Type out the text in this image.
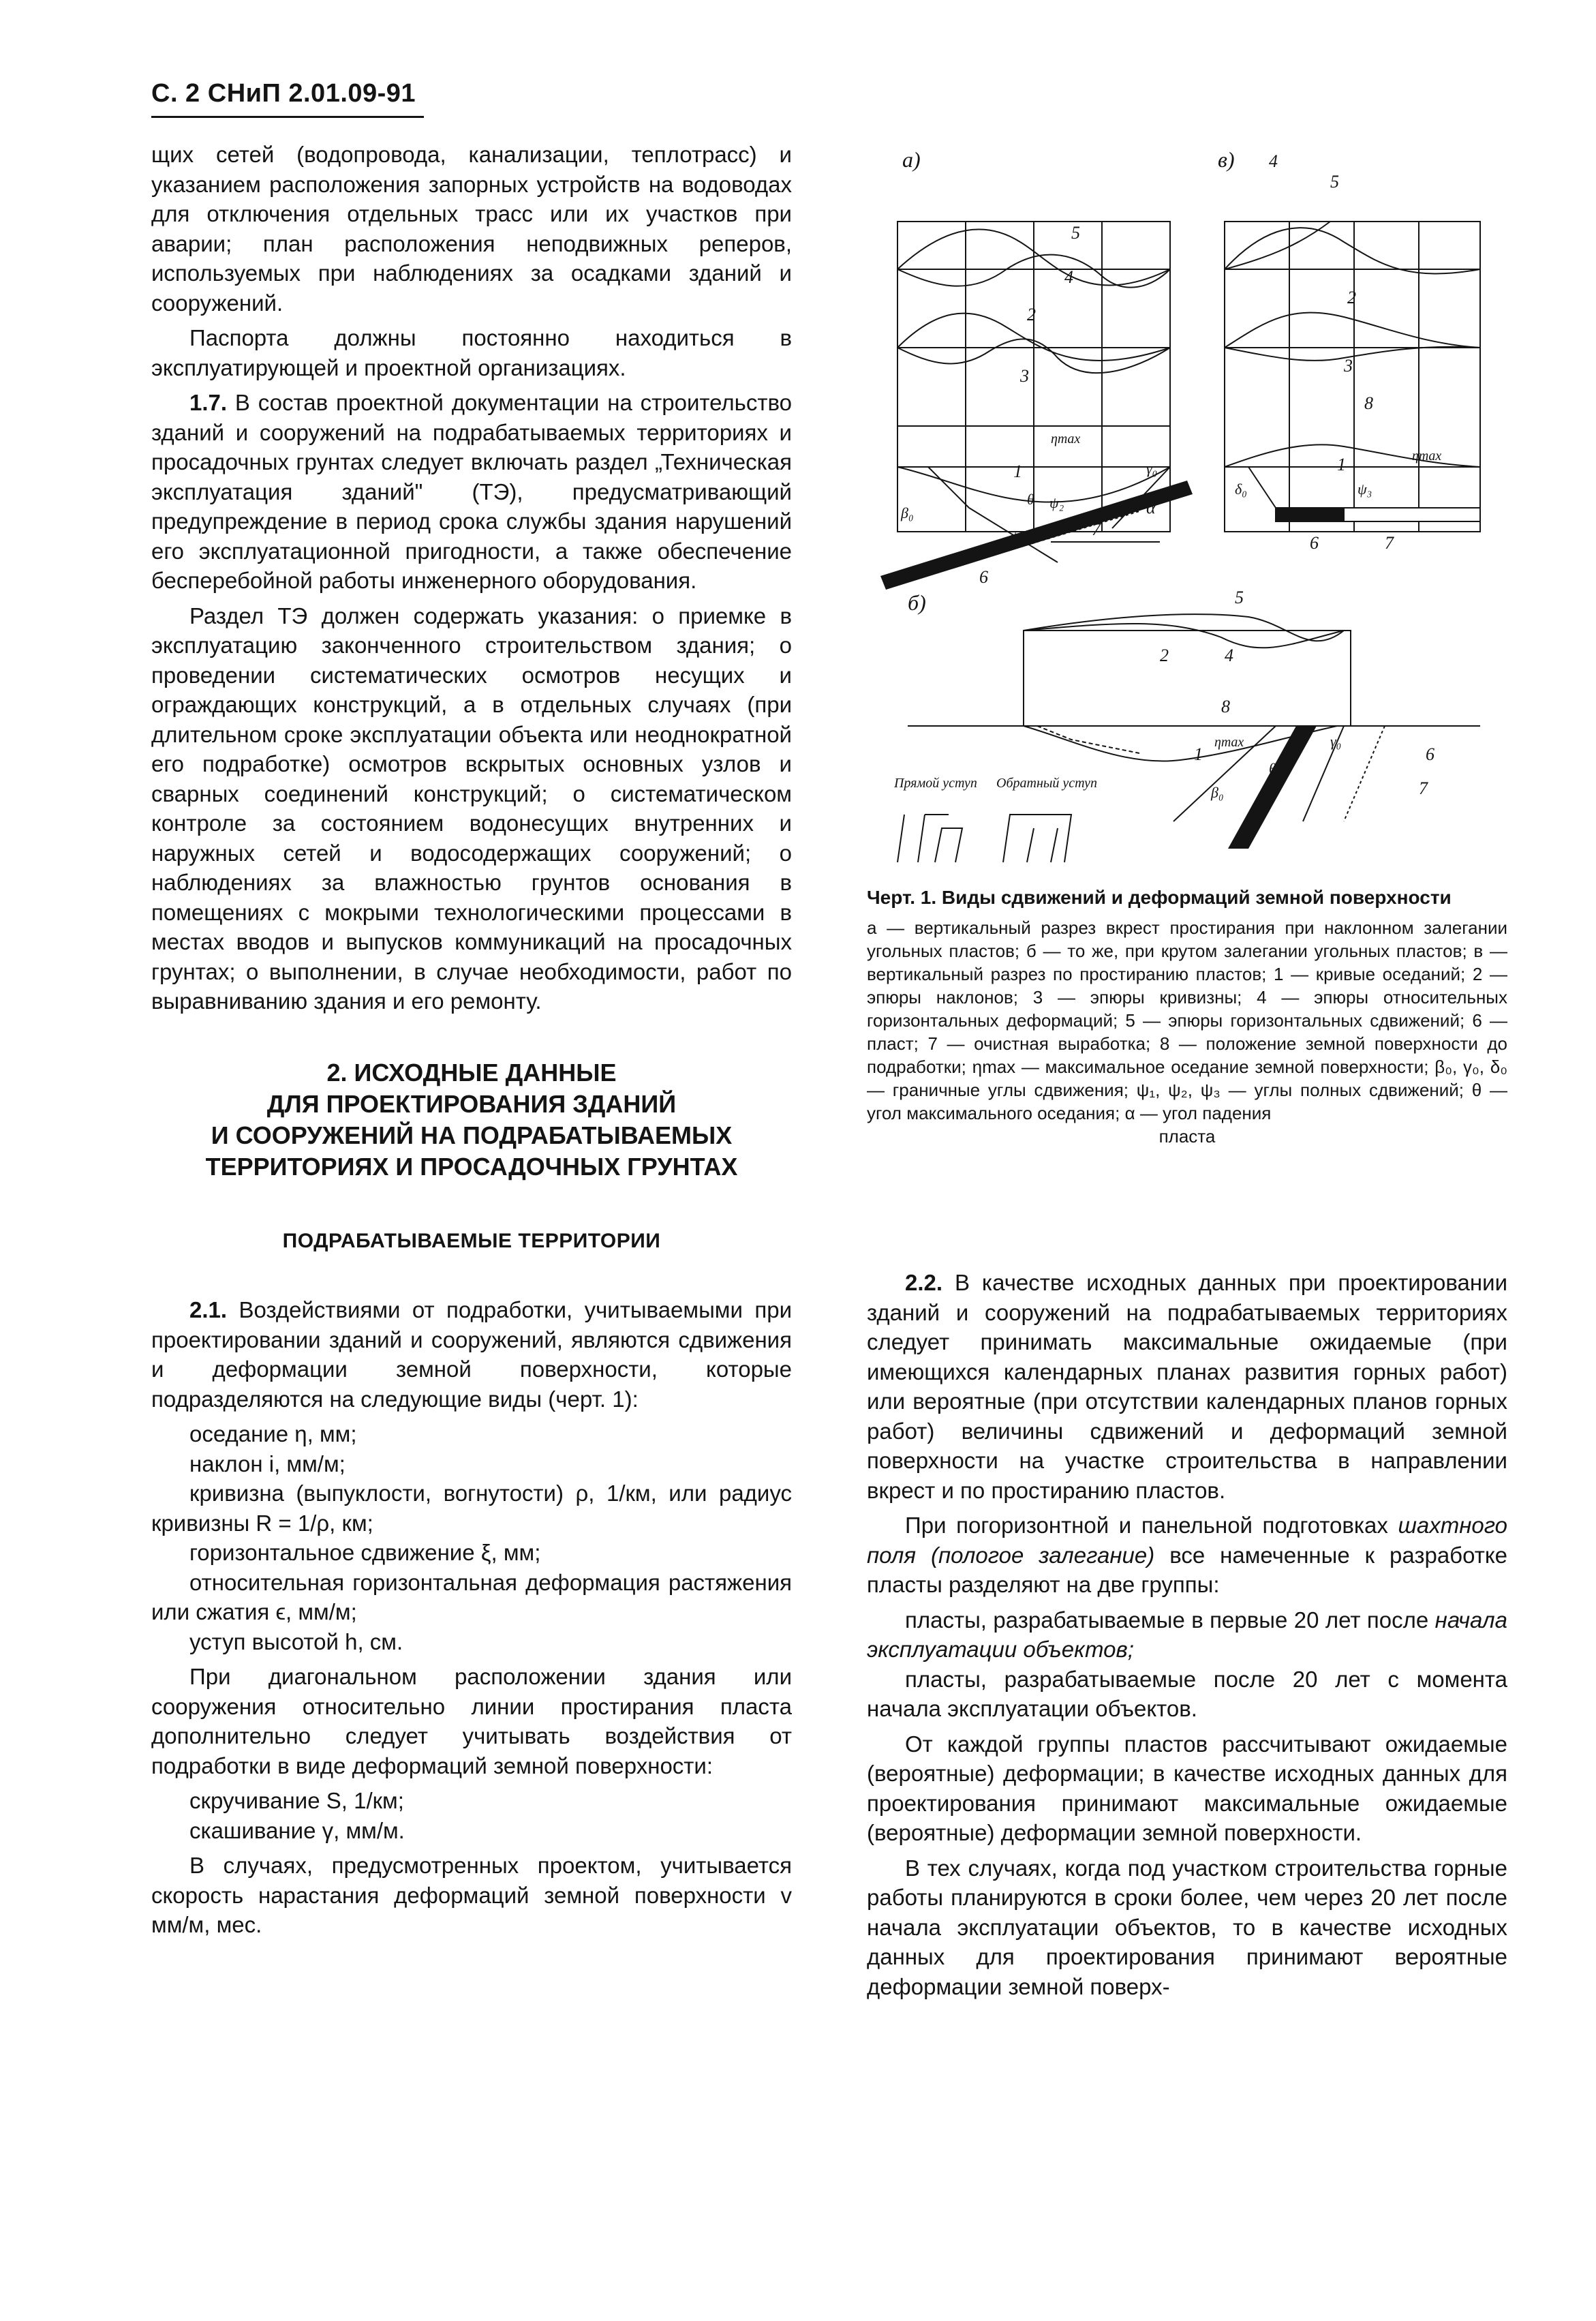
С. 2 СНиП 2.01.09-91

щих сетей (водопровода, канализации, теплотрасс) и указанием расположения запорных устройств на водоводах для отключения отдельных трасс или их участков при аварии; план расположения неподвижных реперов, используемых при наблюдениях за осадками зданий и сооружений.

Паспорта должны постоянно находиться в эксплуатирующей и проектной организациях.

1.7. В состав проектной документации на строительство зданий и сооружений на подрабатываемых территориях и просадочных грунтах следует включать раздел „Техническая эксплуатация зданий" (ТЭ), предусматривающий предупреждение в период срока службы здания нарушений его эксплуатационной пригодности, а также обеспечение бесперебойной работы инженерного оборудования.

Раздел ТЭ должен содержать указания: о приемке в эксплуатацию законченного строительством здания; о проведении систематических осмотров несущих и ограждающих конструкций, а в отдельных случаях (при длительном сроке эксплуатации объекта или неоднократной его подработке) осмотров вскрытых основных узлов и сварных соединений конструкций; о систематическом контроле за состоянием водонесущих внутренних и наружных сетей и водосодержащих сооружений; о наблюдениях за влажностью грунтов основания в помещениях с мокрыми технологическими процессами в местах вводов и выпусков коммуникаций на просадочных грунтах; о выполнении, в случае необходимости, работ по выравниванию здания и его ремонту.

2. ИСХОДНЫЕ ДАННЫЕ
ДЛЯ ПРОЕКТИРОВАНИЯ ЗДАНИЙ
И СООРУЖЕНИЙ НА ПОДРАБАТЫВАЕМЫХ
ТЕРРИТОРИЯХ И ПРОСАДОЧНЫХ ГРУНТАХ

ПОДРАБАТЫВАЕМЫЕ ТЕРРИТОРИИ

2.1. Воздействиями от подработки, учитываемыми при проектировании зданий и сооружений, являются сдвижения и деформации земной поверхности, которые подразделяются на следующие виды (черт. 1):

оседание η, мм;

наклон i, мм/м;

кривизна (выпуклости, вогнутости) ρ, 1/км, или радиус кривизны R = 1/ρ, км;

горизонтальное сдвижение ξ, мм;

относительная горизонтальная деформация растяжения или сжатия ϵ, мм/м;

уступ высотой h, см.

При диагональном расположении здания или сооружения относительно линии простирания пласта дополнительно следует учитывать воздействия от подработки в виде деформаций земной поверхности:

скручивание S, 1/км;

скашивание γ, мм/м.

В случаях, предусмотренных проектом, учитывается скорость нарастания деформаций земной поверхности v мм/м, мес.

а)
5
4
2
3
ηmax
γ₀
1
β₀
θ ψ₂
ψ₁	7
α
6
в) 4
5
2
3
8
ηmax
1
δ₀	ψ₃
6	7
б)	5
2	4
8
ηmax
1
θ
γ₀
6
7
β₀
Прямой уступ Обратный уступ
Черт. 1. Виды сдвижений и деформаций земной поверхности
а — вертикальный разрез вкрест простирания при наклонном залегании угольных пластов; б — то же, при крутом залегании угольных пластов; в — вертикальный разрез по простиранию пластов; 1 — кривые оседаний; 2 — эпюры наклонов; 3 — эпюры кривизны; 4 — эпюры относительных горизонтальных деформаций; 5 — эпюры горизонтальных сдвижений; 6 — пласт; 7 — очистная выработка; 8 — положение земной поверхности до подработки; ηmax — максимальное оседание земной поверхности; β₀, γ₀, δ₀ — граничные углы сдвижения; ψ₁, ψ₂, ψ₃ — углы полных сдвижений; θ — угол максимального оседания; α — угол падения
пласта

2.2. В качестве исходных данных при проектировании зданий и сооружений на подрабатываемых территориях следует принимать максимальные ожидаемые (при имеющихся календарных планах развития горных работ) или вероятные (при отсутствии календарных планов горных работ) величины сдвижений и деформаций земной поверхности на участке строительства в направлении вкрест и по простиранию пластов.

При погоризонтной и панельной подготовках шахтного поля (пологое залегание) все намеченные к разработке пласты разделяют на две группы:

пласты, разрабатываемые в первые 20 лет после начала эксплуатации объектов;

пласты, разрабатываемые после 20 лет с момента начала эксплуатации объектов.

От каждой группы пластов рассчитывают ожидаемые (вероятные) деформации; в качестве исходных данных для проектирования принимают максимальные ожидаемые (вероятные) деформации земной поверхности.

В тех случаях, когда под участком строительства горные работы планируются в сроки более, чем через 20 лет после начала эксплуатации объектов, то в качестве исходных данных для проектирования принимают вероятные деформации земной поверх-
